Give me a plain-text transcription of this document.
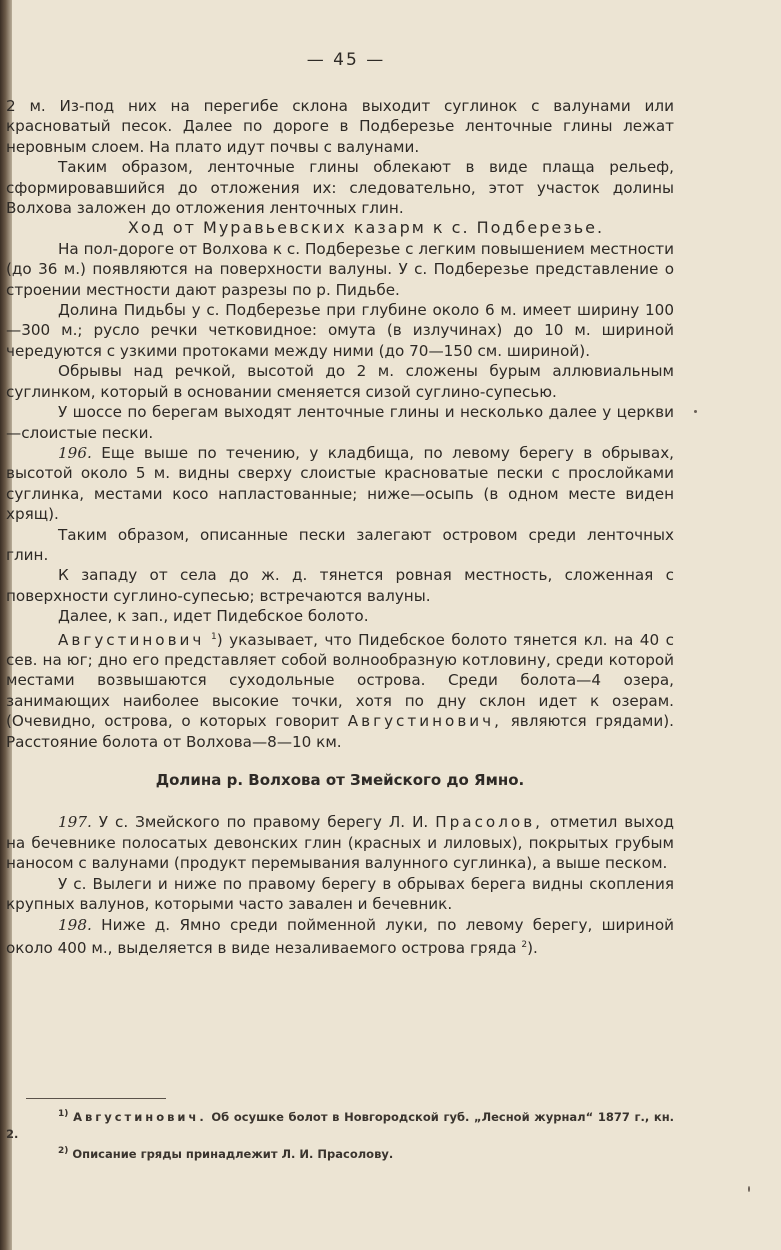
— 45 —

2 м. Из-под них на перегибе склона выходит суглинок с валунами или красноватый песок. Далее по дороге в Подберезье ленточные глины лежат неровным слоем. На плато идут почвы с валунами.

Таким образом, ленточные глины облекают в виде плаща рельеф, сформировавшийся до отложения их: следовательно, этот участок долины Волхова заложен до отложения ленточных глин.

Ход от Муравьевских казарм к с. Подберезье.

На пол-дороге от Волхова к с. Подберезье с легким повышением местности (до 36 м.) появляются на поверхности валуны. У с. Подберезье представление о строении местности дают разрезы по р. Пидьбе.

Долина Пидьбы у с. Подберезье при глубине около 6 м. имеет ширину 100—300 м.; русло речки четковидное: омута (в излучинах) до 10 м. шириной чередуются с узкими протоками между ними (до 70—150 см. шириной).

Обрывы над речкой, высотой до 2 м. сложены бурым аллювиальным суглинком, который в основании сменяется сизой суглино-супесью.

У шоссе по берегам выходят ленточные глины и несколько далее у церкви—слоистые пески.

196. Еще выше по течению, у кладбища, по левому берегу в обрывах, высотой около 5 м. видны сверху слоистые красноватые пески с прослойками суглинка, местами косо напластованные; ниже—осыпь (в одном месте виден хрящ).

Таким образом, описанные пески залегают островом среди ленточных глин.

К западу от села до ж. д. тянется ровная местность, сложенная с поверхности суглино-супесью; встречаются валуны.

Далее, к зап., идет Пидебское болото.

Августинович $^1$) указывает, что Пидебское болото тянется кл. на 40 с сев. на юг; дно его представляет собой волнообразную котловину, среди которой местами возвышаются суходольные острова. Среди болота—4 озера, занимающих наиболее высокие точки, хотя по дну склон идет к озерам. (Очевидно, острова, о которых говорит Августинович, являются грядами). Расстояние болота от Волхова—8—10 км.

Долина р. Волхова от Змейского до Ямно.

197. У с. Змейского по правому берегу Л. И. Прасолов, отметил выход на бечевнике полосатых девонских глин (красных и лиловых), покрытых грубым наносом с валунами (продукт перемывания валунного суглинка), а выше песком.

У с. Вылеги и ниже по правому берегу в обрывах берега видны скопления крупных валунов, которыми часто завален и бечевник.

198. Ниже д. Ямно среди пойменной луки, по левому берегу, шириной около 400 м., выделяется в виде незаливаемого острова гряда $^2$).

$^{1)}$ Августинович. Об осушке болот в Новгородской губ. „Лесной журнал“ 1877 г., кн. 2.

$^{2)}$ Описание гряды принадлежит Л. И. Прасолову.
